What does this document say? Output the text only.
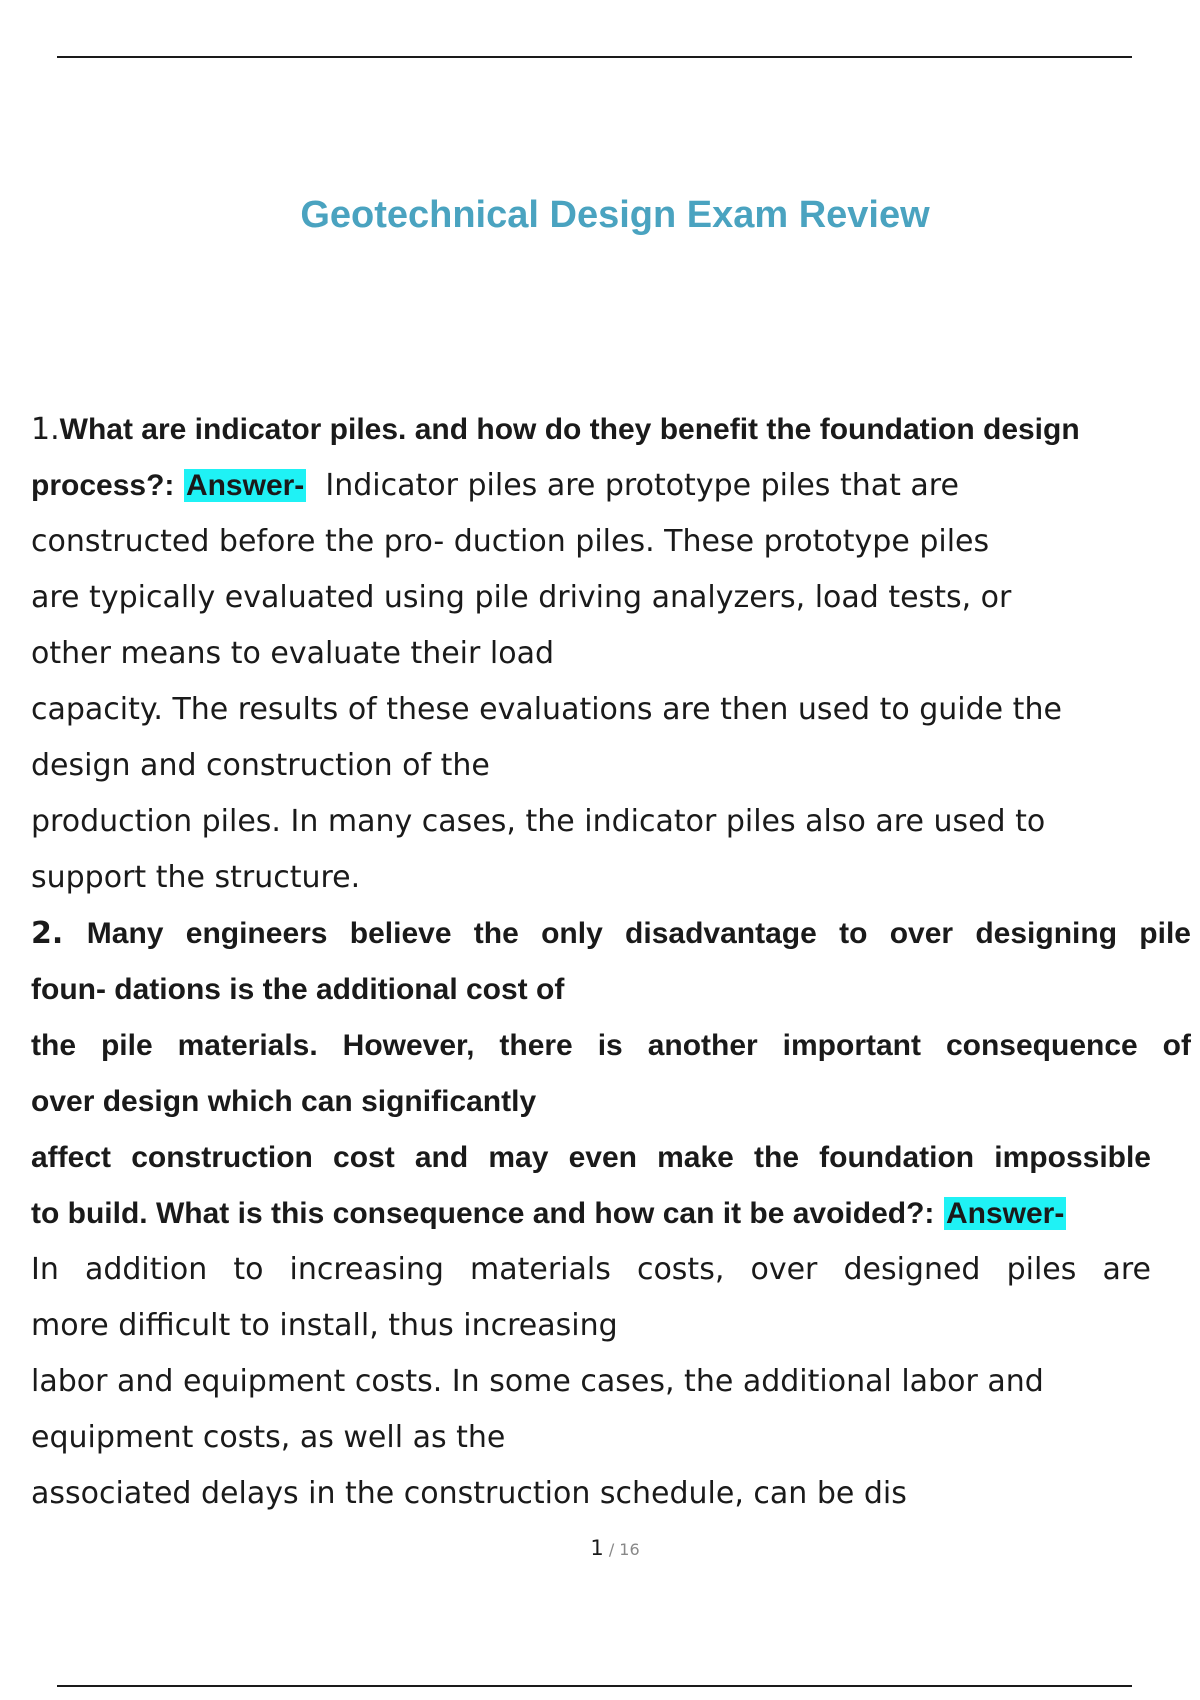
Geotechnical Design Exam Review
1.What are indicator piles. and how do they benefit the foundation design
process?: Answer- Indicator piles are prototype piles that are
constructed before the pro- duction piles. These prototype piles
are typically evaluated using pile driving analyzers, load tests, or
other means to evaluate their load
capacity. The results of these evaluations are then used to guide the
design and construction of the
production piles. In many cases, the indicator piles also are used to
support the structure.
2. Many engineers believe the only disadvantage to over designing pile
foun- dations is the additional cost of
the pile materials. However, there is another important consequence of
over design which can significantly
affect construction cost and may even make the foundation impossible
to build. What is this consequence and how can it be avoided?: Answer-
In addition to increasing materials costs, over designed piles are
more difficult to install, thus increasing
labor and equipment costs. In some cases, the additional labor and
equipment costs, as well as the
associated delays in the construction schedule, can be dis
1 / 16
